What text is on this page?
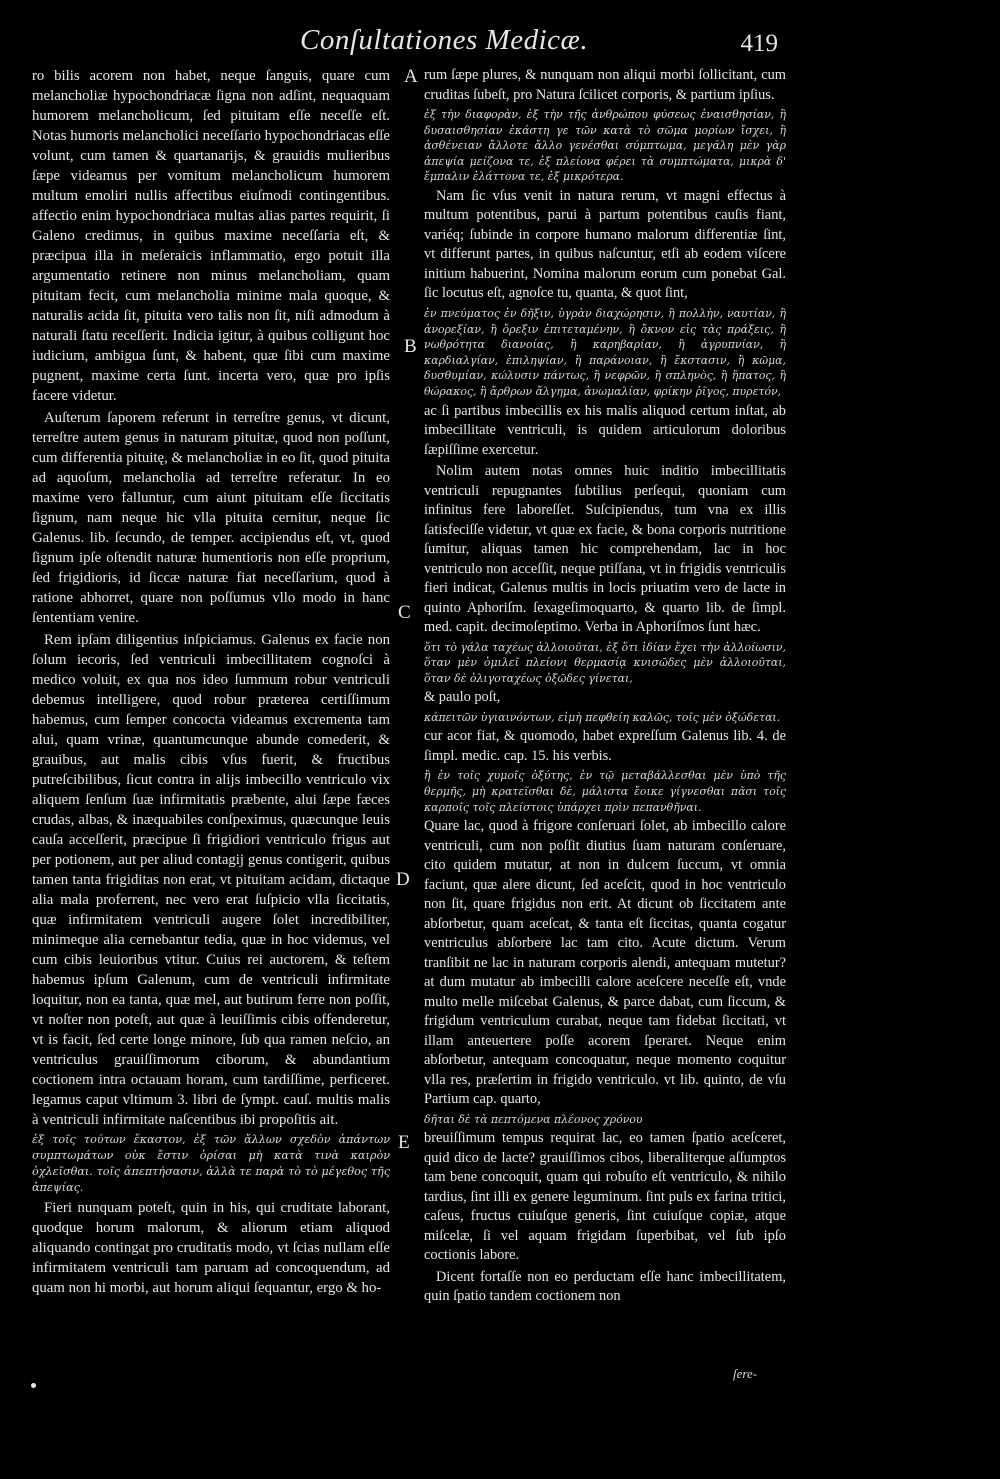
Conſultationes Medicæ.	419

ro bilis acorem non habet, neque ſanguis, quare cum melancholiæ hypochondriacæ ſigna non adſint, nequaquam humorem melancholicum, ſed pituitam eſſe neceſſe eſt. Notas humoris melancholici neceſſario hypochondriacas eſſe volunt, cum tamen & quartanarijs, & grauidis mulieribus ſæpe videamus per vomitum melancholicum humorem multum emoliri nullis affectibus eiuſmodi contingentibus. affectio enim hypochondriaca multas alias partes requirit, ſi Galeno credimus, in quibus maxime neceſſaria eſt, & præcipua illa in meſeraicis inflammatio, ergo potuit illa argumentatio retinere non minus melancholiam, quam pituitam fecit, cum melancholia minime mala quoque, & naturalis acida ſit, pituita vero talis non ſit, niſi admodum à naturali ſtatu receſſerit. Indicia igitur, à quibus colligunt hoc iudicium, ambigua ſunt, & habent, quæ ſibi cum maxime pugnent, maxime certa ſunt. incerta vero, quæ pro ipſis facere videtur.

Auſterum ſaporem referunt in terreſtre genus, vt dicunt, terreſtre autem genus in naturam pituitæ, quod non poſſunt, cum differentia pituitę, & melancholiæ in eo ſit, quod pituita ad aquoſum, melancholia ad terreſtre referatur. In eo maxime vero falluntur, cum aiunt pituitam eſſe ſiccitatis ſignum, nam neque hic vlla pituita cernitur, neque ſic Galenus. lib. ſecundo, de temper. accipiendus eſt, vt, quod ſignum ipſe oſtendit naturæ humentioris non eſſe proprium, ſed frigidioris, id ſiccæ naturæ fiat neceſſarium, quod à ratione abhorret, quare non poſſumus vllo modo in hanc ſententiam venire.

Rem ipſam diligentius inſpiciamus. Galenus ex facie non ſolum iecoris, ſed ventriculi imbecillitatem cognoſci à medico voluit, ex qua nos ideo ſummum robur ventriculi debemus intelligere, quod robur præterea certiſſimum habemus, cum ſemper concocta videamus excrementa tam alui, quam vrinæ, quantumcunque abunde comederit, & grauibus, aut malis cibis vſus fuerit, & fructibus putreſcibilibus, ſicut contra in alijs imbecillo ventriculo vix aliquem ſenſum ſuæ infirmitatis præbente, alui ſæpe fæces crudas, albas, & inæquabiles conſpeximus, quæcunque leuis cauſa acceſſerit, præcipue ſi frigidiori ventriculo frigus aut per potionem, aut per aliud contagij genus contigerit, quibus tamen tanta frigiditas non erat, vt pituitam acidam, dictaque alia mala proferrent, nec vero erat ſuſpicio vlla ſiccitatis, quæ infirmitatem ventriculi augere ſolet incredibiliter, minimeque alia cernebantur tedia, quæ in hoc videmus, vel cum cibis leuioribus vtitur. Cuius rei auctorem, & teſtem habemus ipſum Galenum, cum de ventriculi infirmitate loquitur, non ea tanta, quæ mel, aut butirum ferre non poſſit, vt noſter non poteſt, aut quæ à leuiſſimis cibis offenderetur, vt is facit, ſed certe longe minore, ſub qua ramen neſcio, an ventriculus grauiſſimorum ciborum, & abundantium coctionem intra octauam horam, cum tardiſſime, perficeret. legamus caput vltimum 3. libri de ſympt. cauſ. multis malis à ventriculi infirmitate naſcentibus ibi propoſitis ait.

ἐξ τοῖς τούτων ἕκαστον, ἐξ τῶν ἄλλων σχεδὸν ἁπάντων συμπτωμάτων οὐκ ἔστιν ὁρίσαι μὴ κατὰ τινὰ καιρὸν ὀχλεῖσθαι. τοῖς ἀπεπτήσασιν, ἀλλὰ τε παρὰ τὸ τὸ μέγεθος τῆς ἀπεψίας.

Fieri nunquam poteſt, quin in his, qui cruditate laborant, quodque horum malorum, & aliorum etiam aliquod aliquando contingat pro cruditatis modo, vt ſcias nullam eſſe infirmitatem ventriculi tam paruam ad concoquendum, ad quam non hi morbi, aut horum aliqui ſequantur, ergo & ho-

A
B
C
D
E

rum ſæpe plures, & nunquam non aliqui morbi ſollicitant, cum cruditas ſubeſt, pro Natura ſcilicet corporis, & partium ipſius.

ἐξ τὴν διαφορὰν, ἐξ τὴν τῆς ἀνθρώπου φύσεως ἐναισθησίαν, ἢ δυσαισθησίαν ἑκάστη γε τῶν κατὰ τὸ σῶμα μορίων ἴσχει, ἢ ἀσθένειαν ἄλλοτε ἄλλο γενέσθαι σύμπτωμα, μεγάλη μὲν γὰρ ἀπεψία μείζονα τε, ἐξ πλείονα φέρει τὰ συμπτώματα, μικρὰ δ' ἔμπαλιν ἐλάττονα τε, ἐξ μικρότερα.

Nam ſic vſus venit in natura rerum, vt magni effectus à multum potentibus, parui à partum potentibus cauſis fiant, variéq; ſubinde in corpore humano malorum differentiæ ſint, vt differunt partes, in quibus naſcuntur, etſi ab eodem viſcere initium habuerint, Nomina malorum eorum cum ponebat Gal. ſic locutus eſt, agnoſce tu, quanta, & quot ſint,

ἐν πνεύματος ἐν δῆξιν, ὑγρὰν διαχώρησιν, ἢ πολλὴν, ναυτίαν, ἢ ἀνορεξίαν, ἢ ὄρεξιν ἐπιτεταμένην, ἢ ὄκνον εἰς τὰς πράξεις, ἢ νωθρότητα διανοίας, ἢ καρηβαρίαν, ἢ ἀγρυπνίαν, ἢ καρδιαλγίαν, ἐπιληψίαν, ἢ παράνοιαν, ἢ ἔκστασιν, ἢ κῶμα, δυσθυμίαν, κώλυσιν πάντως, ἢ νεφρῶν, ἢ σπληνὸς, ἢ ἥπατος, ἢ θώρακος, ἢ ἄρθρων ἄλγημα, ἀνωμαλίαν, φρίκην ῥῖγος, πυρετόν,

ac ſi partibus imbecillis ex his malis aliquod certum inſtat, ab imbecillitate ventriculi, is quidem articulorum doloribus ſæpiſſime exercetur.

Nolim autem notas omnes huic inditio imbecillitatis ventriculi repugnantes ſubtilius perſequi, quoniam cum infinitus fere laboreſſet. Suſcipiendus, tum vna ex illis ſatisfeciſſe videtur, vt quæ ex facie, & bona corporis nutritione ſumitur, aliquas tamen hic comprehendam, lac in hoc ventriculo non acceſſit, neque ptiſſana, vt in frigidis ventriculis fieri indicat, Galenus multis in locis priuatim vero de lacte in quinto Aphoriſm. ſexageſimoquarto, & quarto lib. de ſimpl. med. capit. decimoſeptimo. Verba in Aphoriſmos ſunt hæc.

ὅτι τὸ γάλα ταχέως ἀλλοιοῦται, ἐξ ὅτι ἰδίαν ἔχει τὴν ἀλλοίωσιν, ὅταν μὲν ὁμιλεῖ πλείονι θερμασίᾳ κνισῶδες μὲν ἀλλοιοῦται, ὅταν δὲ ὀλιγοταχέως ὀξῶδες γίνεται,

& paulo poſt,

κάπειτῶν ὑγιαινόντων, εἰμὴ πεφθείη καλῶς, τοῖς μὲν ὀξώδεται.

cur acor fiat, & quomodo, habet expreſſum Galenus lib. 4. de ſimpl. medic. cap. 15. his verbis.

ἢ ἐν τοῖς χυμοῖς ὀξύτης, ἐν τῷ μεταβάλλεσθαι μὲν ὑπὸ τῆς θερμῆς, μὴ κρατεῖσθαι δὲ, μάλιστα ἔοικε γίγνεσθαι πᾶσι τοῖς καρποῖς τοῖς πλείστοις ὑπάρχει πρὶν πεπανθῆναι.

Quare lac, quod à frigore conſeruari ſolet, ab imbecillo calore ventriculi, cum non poſſit diutius ſuam naturam conſeruare, cito quidem mutatur, at non in dulcem ſuccum, vt omnia faciunt, quæ alere dicunt, ſed aceſcit, quod in hoc ventriculo non ſit, quare frigidus non erit. At dicunt ob ſiccitatem ante abſorbetur, quam aceſcat, & tanta eſt ſiccitas, quanta cogatur ventriculus abſorbere lac tam cito. Acute dictum. Verum tranſibit ne lac in naturam corporis alendi, antequam mutetur? at dum mutatur ab imbecilli calore aceſcere neceſſe eſt, vnde multo melle miſcebat Galenus, & parce dabat, cum ſiccum, & frigidum ventriculum curabat, neque tam fidebat ſiccitati, vt illam anteuertere poſſe acorem ſperaret. Neque enim abſorbetur, antequam concoquatur, neque momento coquitur vlla res, præſertim in frigido ventriculo. vt lib. quinto, de vſu Partium cap. quarto,

δῆται δὲ τὰ πεπτόμενα πλέονος χρόνου

breuiſſimum tempus requirat lac, eo tamen ſpatio aceſceret, quid dico de lacte? grauiſſimos cibos, liberaliterque aſſumptos tam bene concoquit, quam qui robuſto eſt ventriculo, & nihilo tardius, ſint illi ex genere leguminum. ſint puls ex farina tritici, caſeus, fructus cuiuſque generis, ſint cuiuſque copiæ, atque miſcelæ, ſi vel aquam frigidam ſuperbibat, vel ſub ipſo coctionis labore.

Dicent fortaſſe non eo perductam eſſe hanc imbecillitatem, quin ſpatio tandem coctionem non

ſere-
